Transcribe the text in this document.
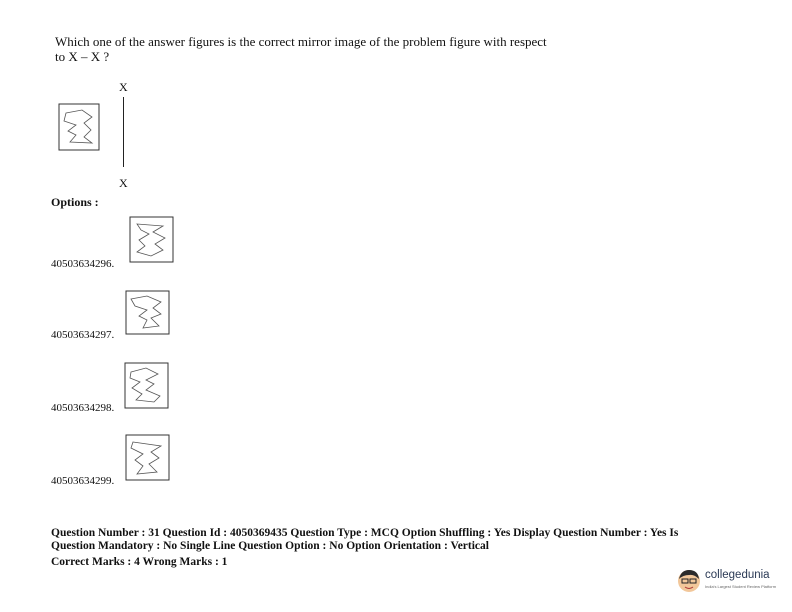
Which one of the answer figures is the correct mirror image of the problem figure with respect
to X – X ?
X
X
Options :
40503634296.
40503634297.
40503634298.
40503634299.
Question Number : 31 Question Id : 4050369435 Question Type : MCQ Option Shuffling : Yes Display Question Number : Yes Is
Question Mandatory : No Single Line Question Option : No Option Orientation : Vertical
Correct Marks : 4 Wrong Marks : 1
collegedunia
India's Largest Student Review Platform
